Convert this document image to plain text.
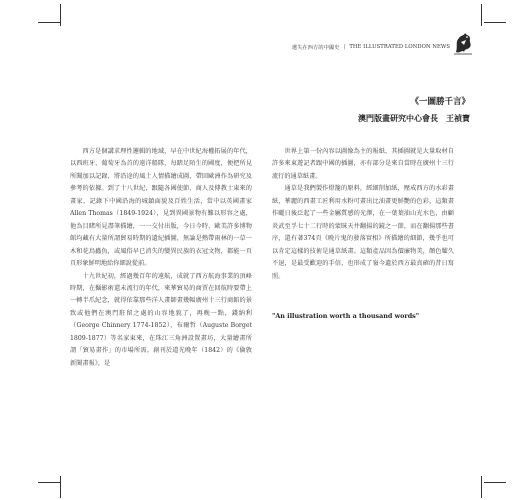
遺失在西方的中國史 | THE ILLUSTRATED LONDON NEWS
《一圖勝千言》
澳門版畫研究中心會長 王禎寶

西方是個講求理性邏輯的地域，早在中世紀海權拓展的年代，以西班牙、葡萄牙為首的遠洋船隊，每踏足陌生的國度，便把所見所聞加以記錄，將沿途的風土人情描繪成圖，帶回歐洲作為研究及參考的依據。到了十八世紀，跟隨各國使節、商人及傳教士東來的畫家，記錄下中國沿海的城鎮面貌及百姓生活，當中以英國畫家Allen Thomas（1849-1924），見到異國景物有難以形容之處，他為目睹所見盡筆描繪，一一交付出版，今日今時，歐美許多博物館均藏有大量所謂貿易時期的遺紀插圖，無論是熱帶雨林的一草一木和花鳥蟲魚，或風俗早已消失的變異民族的衣冠文物，都能一頁頁形象鮮明地給你細說從前。

十九世紀初，經過幾百年的遠航，成就了西方航海事業的頂峰時期，在攝影術還未流行的年代，來華貿易的商賈在回航時要帶上一轉半爪紀念，就得依靠那些洋人畫師畫幾幅廣州十三行商館的景致或他們在澳門駐留之處的山容地貌了，再晚一點，錢納利（George Chinnery 1774-1852）、布爾哲（Auguste Borget 1809-1877）等名家東來，在珠江三角洲設置畫坊，大量繪畫所謂「貿易畫作」的市場所需。創刊於道光晚年（1842）的《倫敦新聞畫報》，是

世界上第一份內容以圖像為主的報紙，其插圖就是大量取材自許多來東遊記者跟中國的插圖，亦有部分是來自當時在廣州十三行流行的通草紙畫。

通草是我們製作燈籠的原料，經細削加紙，壓成西方的水彩畫紙，華麗的西畫工匠利用水粉可畫出比油畫更鮮艷的色彩，這類畫作曬日後泛起了一些金屬質感的光澤，在一葉葉油山光水色，由顧炎武至孚七十二行時的蒙昧天井翻揚的鏡之一節，而在翻揚那些書序，還有著374頁《晚片鬼的發落實相》所描繪的細節，幾乎也可以肯定這樣的技術是通草紙畫。這類產品因為價廉物美，顏色耀久不退，是最受歡迎的手信，也形成了嶺今遺於西方最真確的昔日寫照。

"An illustration worth a thousand words"
